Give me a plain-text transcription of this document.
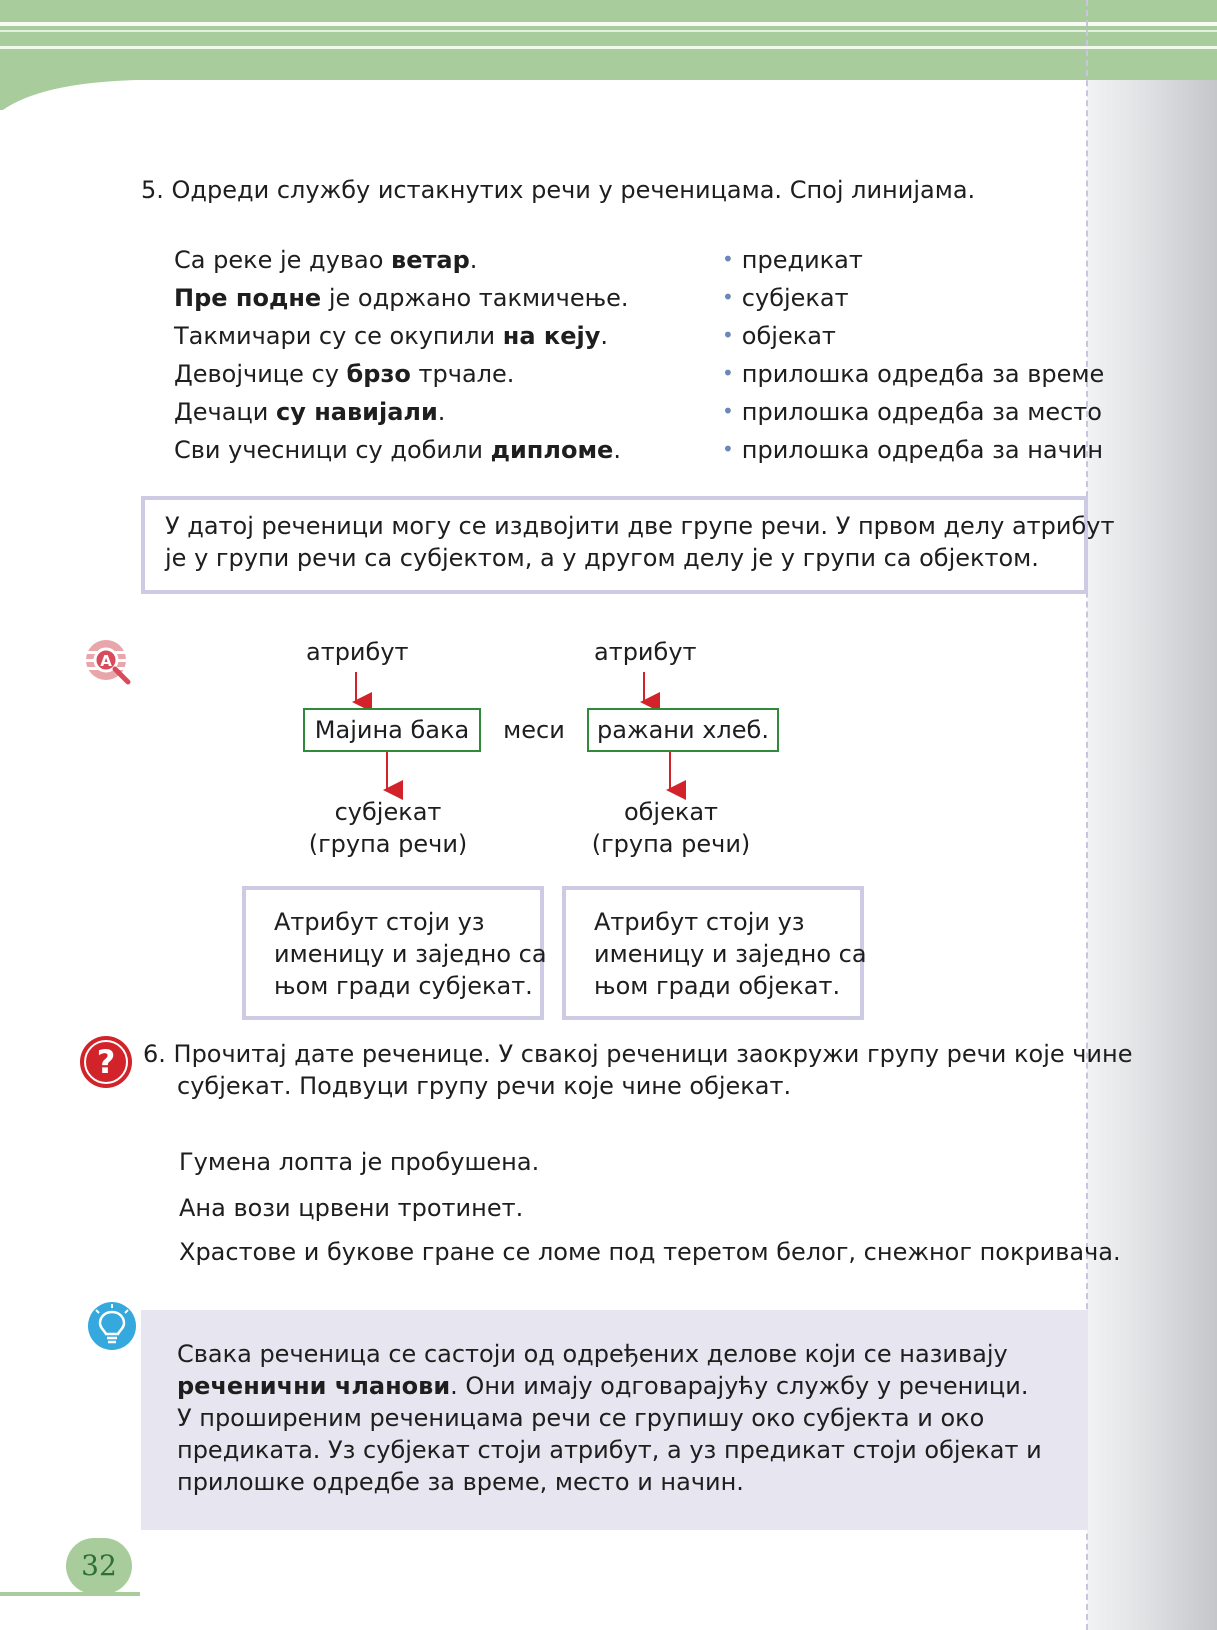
5. Одреди службу истакнутих речи у реченицама. Спој линијама.
Са реке је дувао ветар.
Пре подне је одржано такмичење.
Такмичари су се окупили на кеју.
Девојчице су брзо трчале.
Дечаци су навијали.
Сви учесници су добили дипломе.
• предикат
• субјекат
• објекат
• прилошка одредба за време
• прилошка одредба за место
• прилошка одредба за начин
У датој реченици могу се издвојити две групе речи. У првом делу атрибут
је у групи речи са субјектом, а у другом делу је у групи са објектом.
A	атрибут	атрибут
Мајина бака	меси	ражани хлеб.
субјекат
(група речи)
објекат
(група речи)
Атрибут стоји уз
именицу и заједно са
њом гради субјекат.
Атрибут стоји уз
именицу и заједно са
њом гради објекат.
? 6. Прочитај дате реченице. У свакој реченици заокружи групу речи које чине
субјекат. Подвуци групу речи које чине објекат.
Гумена лопта је пробушена.
Ана вози црвени тротинет.
Храстове и букове гране се ломе под теретом белог, снежног покривача.
Свака реченица се састоји од одређених делове који се називају
реченични чланови. Они имају одговарајућу службу у реченици.
У проширеним реченицама речи се групишу око субјекта и око
предиката. Уз субјекат стоји атрибут, а уз предикат стоји објекат и
прилошке одредбе за време, место и начин.
32
